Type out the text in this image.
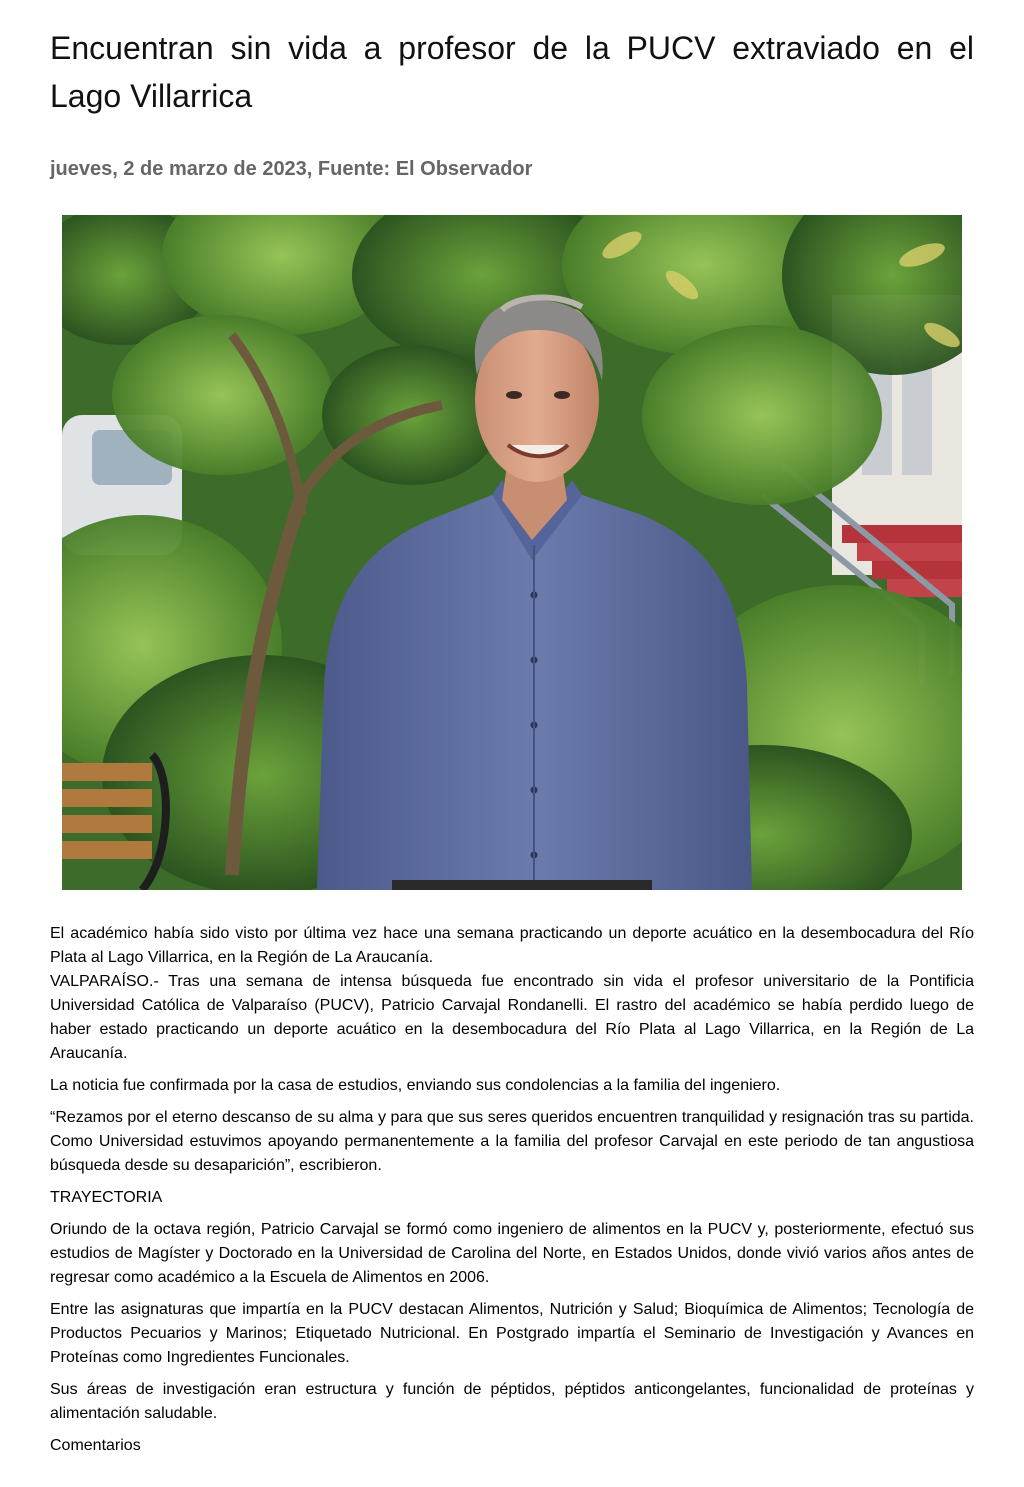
Encuentran sin vida a profesor de la PUCV extraviado en el Lago Villarrica
jueves, 2 de marzo de 2023, Fuente: El Observador

El académico había sido visto por última vez hace una semana practicando un deporte acuático en la desembocadura del Río Plata al Lago Villarrica, en la Región de La Araucanía.

VALPARAÍSO.- Tras una semana de intensa búsqueda fue encontrado sin vida el profesor universitario de la Pontificia Universidad Católica de Valparaíso (PUCV), Patricio Carvajal Rondanelli. El rastro del académico se había perdido luego de haber estado practicando un deporte acuático en la desembocadura del Río Plata al Lago Villarrica, en la Región de La Araucanía.

La noticia fue confirmada por la casa de estudios, enviando sus condolencias a la familia del ingeniero.

“Rezamos por el eterno descanso de su alma y para que sus seres queridos encuentren tranquilidad y resignación tras su partida. Como Universidad estuvimos apoyando permanentemente a la familia del profesor Carvajal en este periodo de tan angustiosa búsqueda desde su desaparición”, escribieron.

TRAYECTORIA

Oriundo de la octava región, Patricio Carvajal se formó como ingeniero de alimentos en la PUCV y, posteriormente, efectuó sus estudios de Magíster y Doctorado en la Universidad de Carolina del Norte, en Estados Unidos, donde vivió varios años antes de regresar como académico a la Escuela de Alimentos en 2006.

Entre las asignaturas que impartía en la PUCV destacan Alimentos, Nutrición y Salud; Bioquímica de Alimentos; Tecnología de Productos Pecuarios y Marinos; Etiquetado Nutricional. En Postgrado impartía el Seminario de Investigación y Avances en Proteínas como Ingredientes Funcionales.

Sus áreas de investigación eran estructura y función de péptidos, péptidos anticongelantes, funcionalidad de proteínas y alimentación saludable.

Comentarios
